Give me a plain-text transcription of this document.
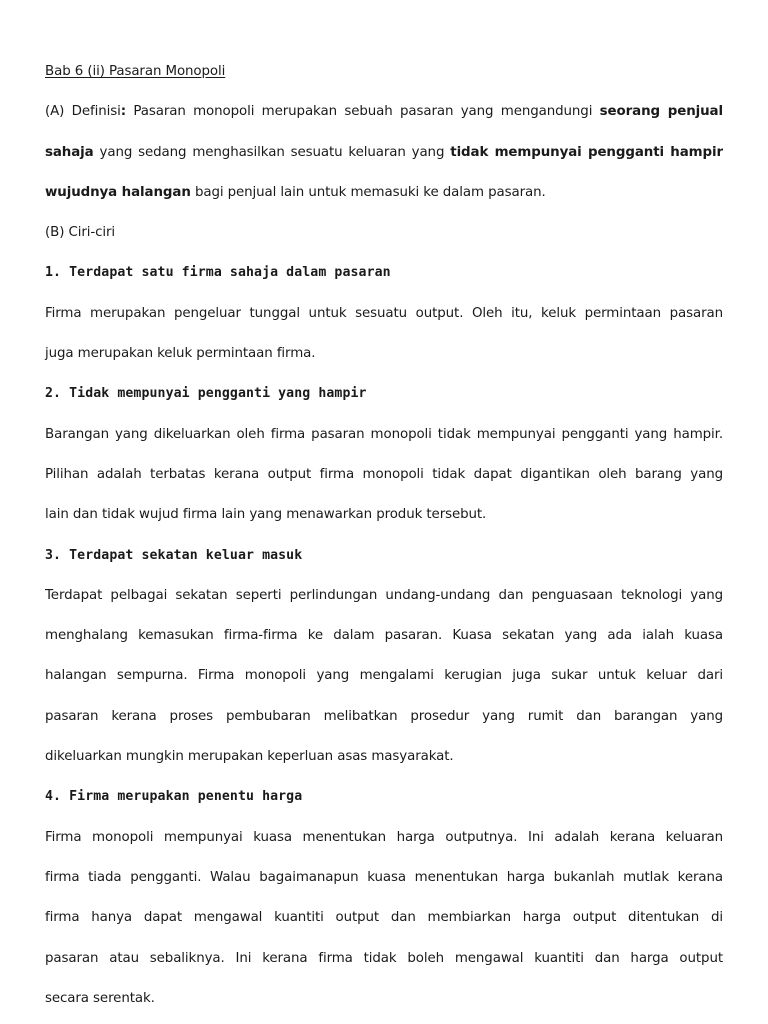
Bab 6 (ii) Pasaran Monopoli
(A) Definisi: Pasaran monopoli merupakan sebuah pasaran yang mengandungi seorang penjual
sahaja yang sedang menghasilkan sesuatu keluaran yang tidak mempunyai pengganti hampir
wujudnya halangan bagi penjual lain untuk memasuki ke dalam pasaran.
(B) Ciri-ciri
1. Terdapat satu firma sahaja dalam pasaran
Firma merupakan pengeluar tunggal untuk sesuatu output. Oleh itu, keluk permintaan pasaran
juga merupakan keluk permintaan firma.
2. Tidak mempunyai pengganti yang hampir
Barangan yang dikeluarkan oleh firma pasaran monopoli tidak mempunyai pengganti yang hampir.
Pilihan adalah terbatas kerana output firma monopoli tidak dapat digantikan oleh barang yang
lain dan tidak wujud firma lain yang menawarkan produk tersebut.
3. Terdapat sekatan keluar masuk
Terdapat pelbagai sekatan seperti perlindungan undang-undang dan penguasaan teknologi yang
menghalang kemasukan firma-firma ke dalam pasaran. Kuasa sekatan yang ada ialah kuasa
halangan sempurna. Firma monopoli yang mengalami kerugian juga sukar untuk keluar dari
pasaran kerana proses pembubaran melibatkan prosedur yang rumit dan barangan yang
dikeluarkan mungkin merupakan keperluan asas masyarakat.
4. Firma merupakan penentu harga
Firma monopoli mempunyai kuasa menentukan harga outputnya. Ini adalah kerana keluaran
firma tiada pengganti. Walau bagaimanapun kuasa menentukan harga bukanlah mutlak kerana
firma hanya dapat mengawal kuantiti output dan membiarkan harga output ditentukan di
pasaran atau sebaliknya. Ini kerana firma tidak boleh mengawal kuantiti dan harga output
secara serentak.
